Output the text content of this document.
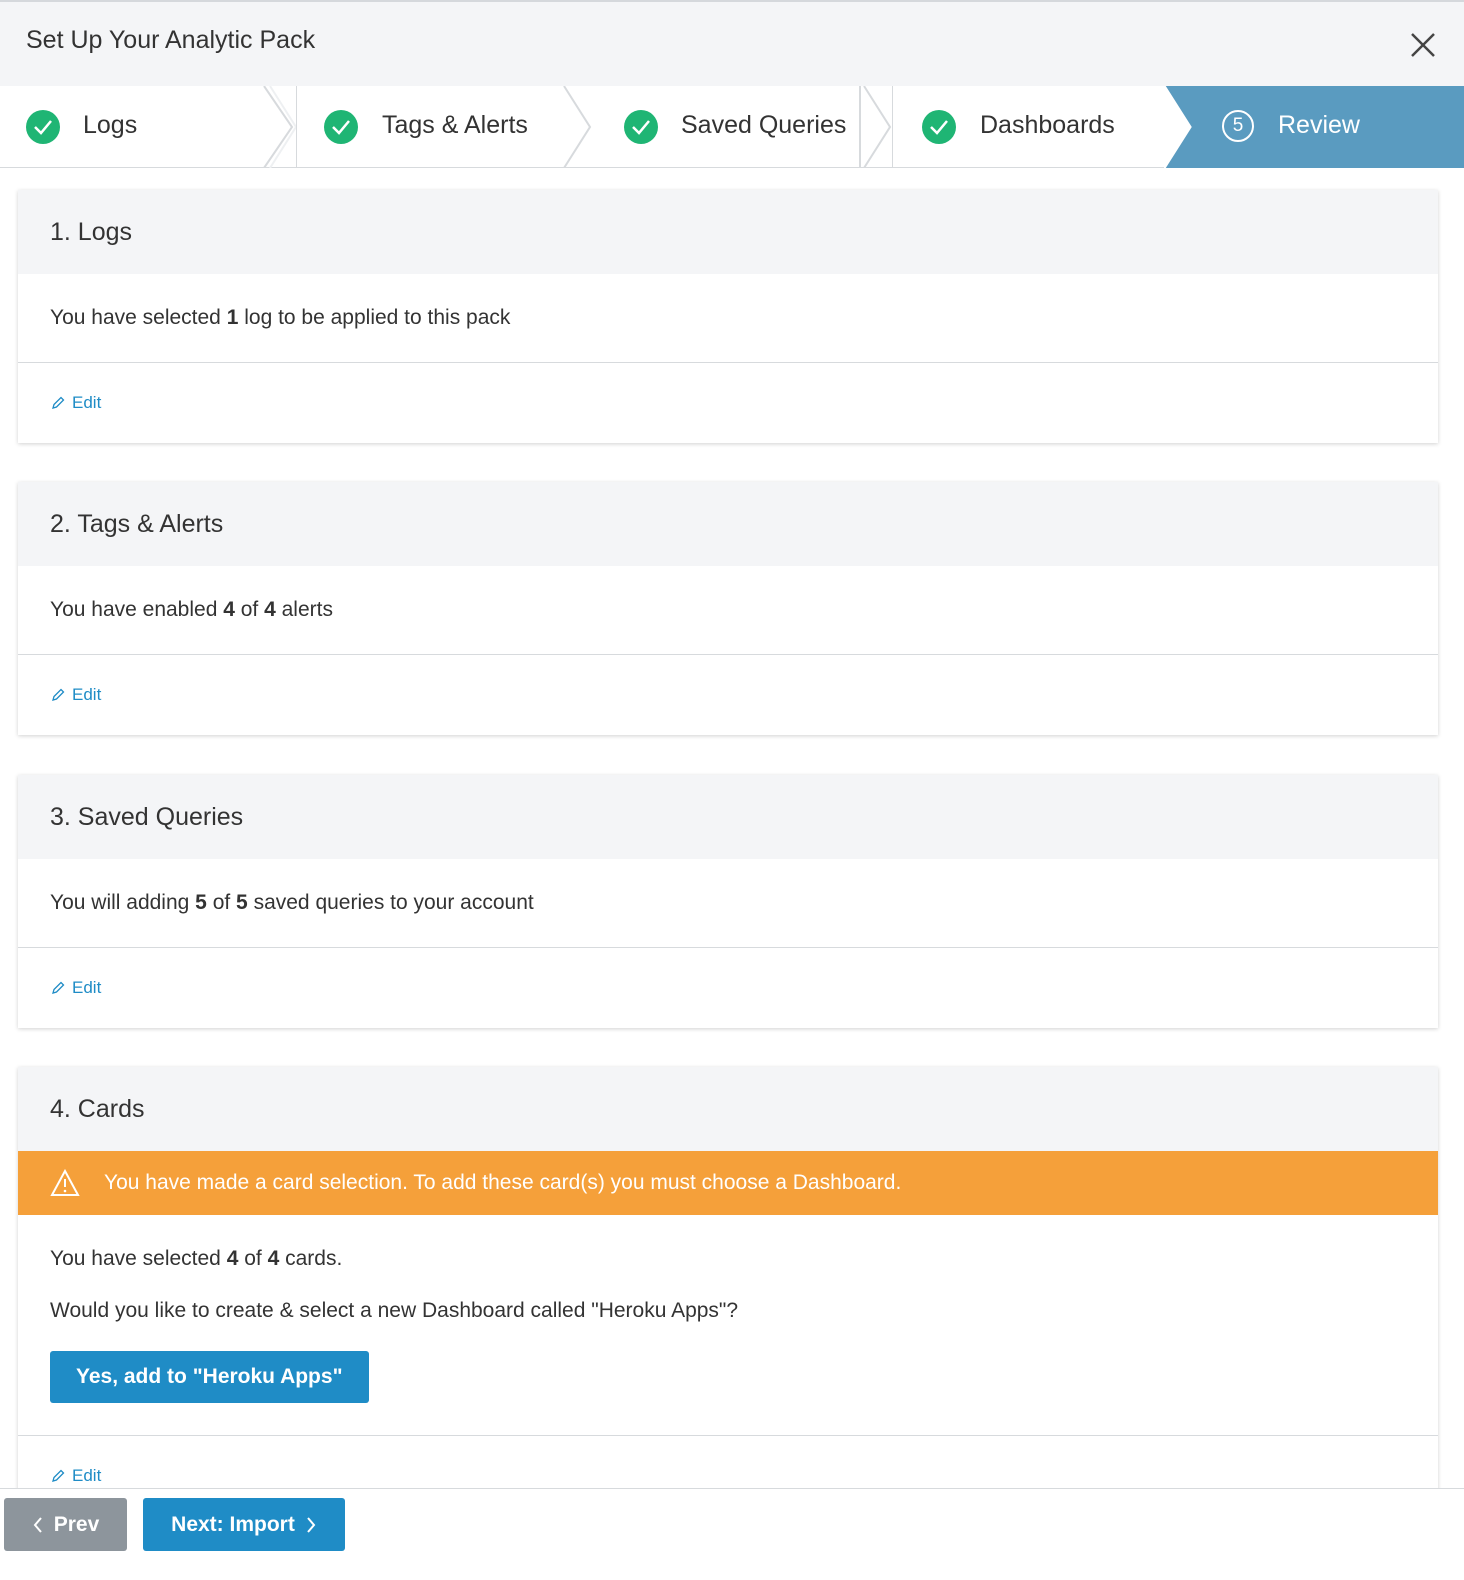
Set Up Your Analytic Pack
Logs	Tags & Alerts	Saved Queries	Dashboards	5	Review
1. Logs
You have selected 1 log to be applied to this pack
Edit
2. Tags & Alerts
You have enabled 4 of 4 alerts
Edit
3. Saved Queries
You will adding 5 of 5 saved queries to your account
Edit
4. Cards
You have made a card selection. To add these card(s) you must choose a Dashboard.

You have selected 4 of 4 cards.

Would you like to create & select a new Dashboard called "Heroku Apps"?

Yes, add to "Heroku Apps"
Edit
Prev	Next: Import
